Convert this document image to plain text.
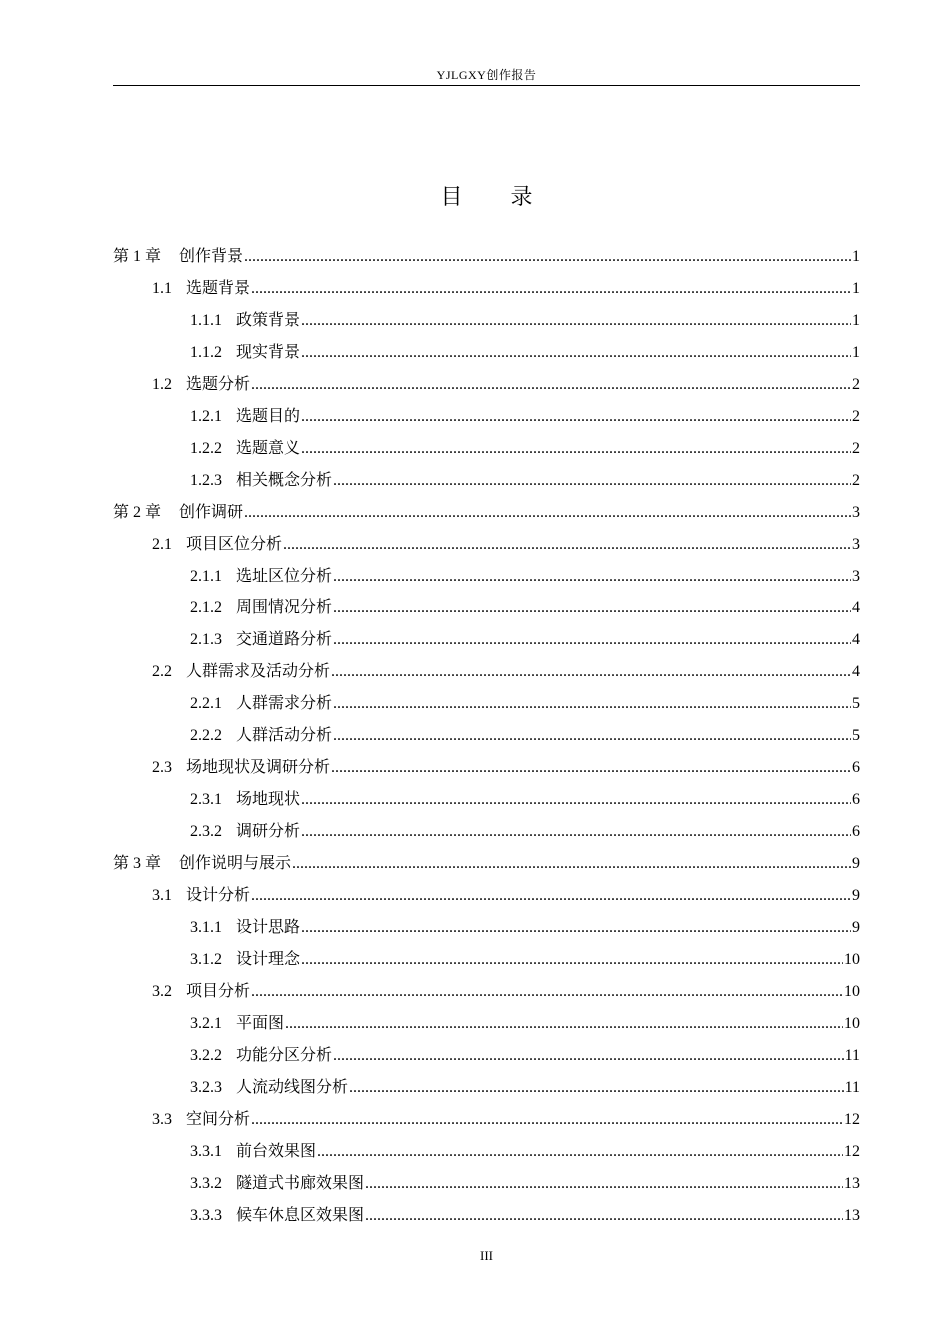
YJLGXY创作报告
目 录
第 1 章 创作背景 .....	1
1.1 选题背景 .....	1
1.1.1 政策背景 .....	1
1.1.2 现实背景 .....	1
1.2 选题分析 .....	2
1.2.1 选题目的 .....	2
1.2.2 选题意义 .....	2
1.2.3 相关概念分析 .....	2
第 2 章 创作调研 .....	3
2.1 项目区位分析 .....	3
2.1.1 选址区位分析 .....	3
2.1.2 周围情况分析 .....	4
2.1.3 交通道路分析 .....	4
2.2 人群需求及活动分析 .....	4
2.2.1 人群需求分析 .....	5
2.2.2 人群活动分析 .....	5
2.3 场地现状及调研分析 .....	6
2.3.1 场地现状 .....	6
2.3.2 调研分析 .....	6
第 3 章 创作说明与展示 .....	9
3.1 设计分析 .....	9
3.1.1 设计思路 .....	9
3.1.2 设计理念 .....	10
3.2 项目分析 .....	10
3.2.1 平面图 .....	10
3.2.2 功能分区分析 .....	11
3.2.3 人流动线图分析 .....	11
3.3 空间分析 .....	12
3.3.1 前台效果图 .....	12
3.3.2 隧道式书廊效果图 .....	13
3.3.3 候车休息区效果图 .....	13
III
